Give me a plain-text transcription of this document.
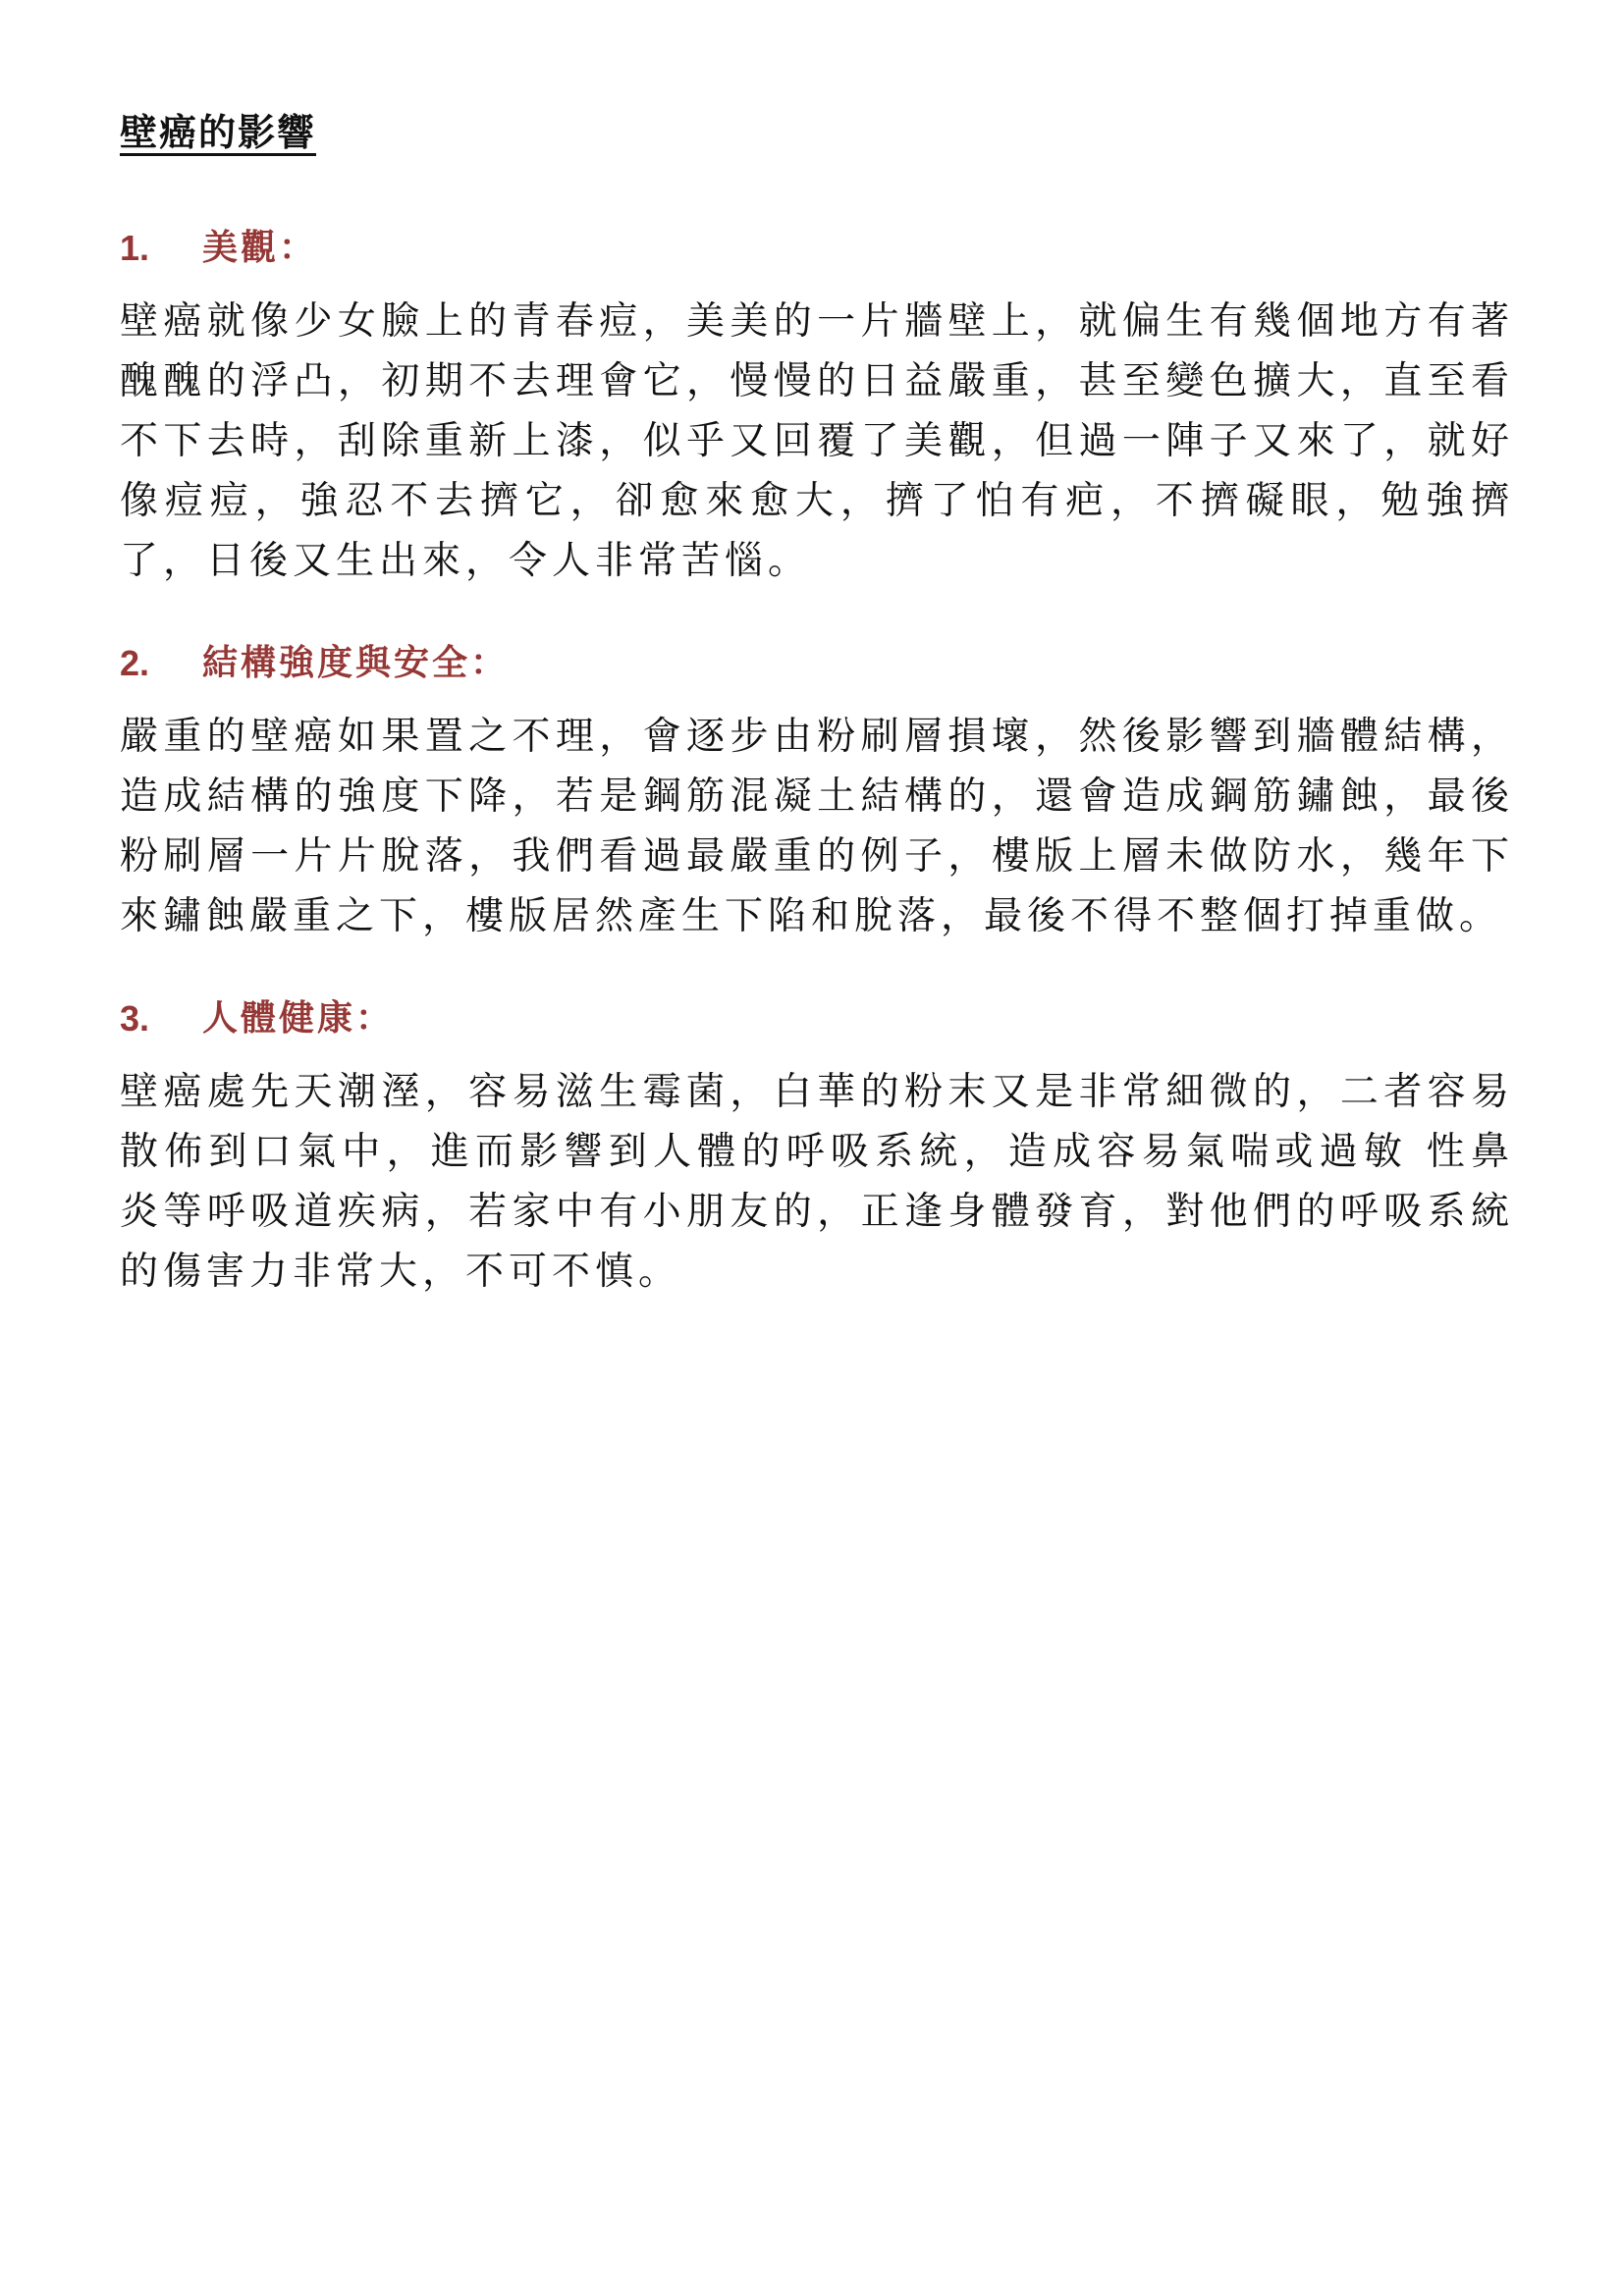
壁癌的影響
1.	美觀：

壁癌就像少女臉上的青春痘，美美的一片牆壁上，就偏生有幾個地方有著醜醜的浮凸，初期不去理會它，慢慢的日益嚴重，甚至變色擴大，直至看不下去時，刮除重新上漆，似乎又回覆了美觀，但過一陣子又來了，就好像痘痘，強忍不去擠它，卻愈來愈大，擠了怕有疤，不擠礙眼，勉強擠了，日後又生出來，令人非常苦惱。

2.	結構強度與安全：

嚴重的壁癌如果置之不理，會逐步由粉刷層損壞，然後影響到牆體結構，造成結構的強度下降，若是鋼筋混凝土結構的，還會造成鋼筋鏽蝕，最後粉刷層一片片脫落，我們看過最嚴重的例子，樓版上層未做防水，幾年下來鏽蝕嚴重之下，樓版居然產生下陷和脫落，最後不得不整個打掉重做。

3.	人體健康：

壁癌處先天潮溼，容易滋生霉菌，白華的粉末又是非常細微的，二者容易散佈到口氣中，進而影響到人體的呼吸系統，造成容易氣喘或過敏 性鼻炎等呼吸道疾病，若家中有小朋友的，正逢身體發育，對他們的呼吸系統的傷害力非常大，不可不慎。
